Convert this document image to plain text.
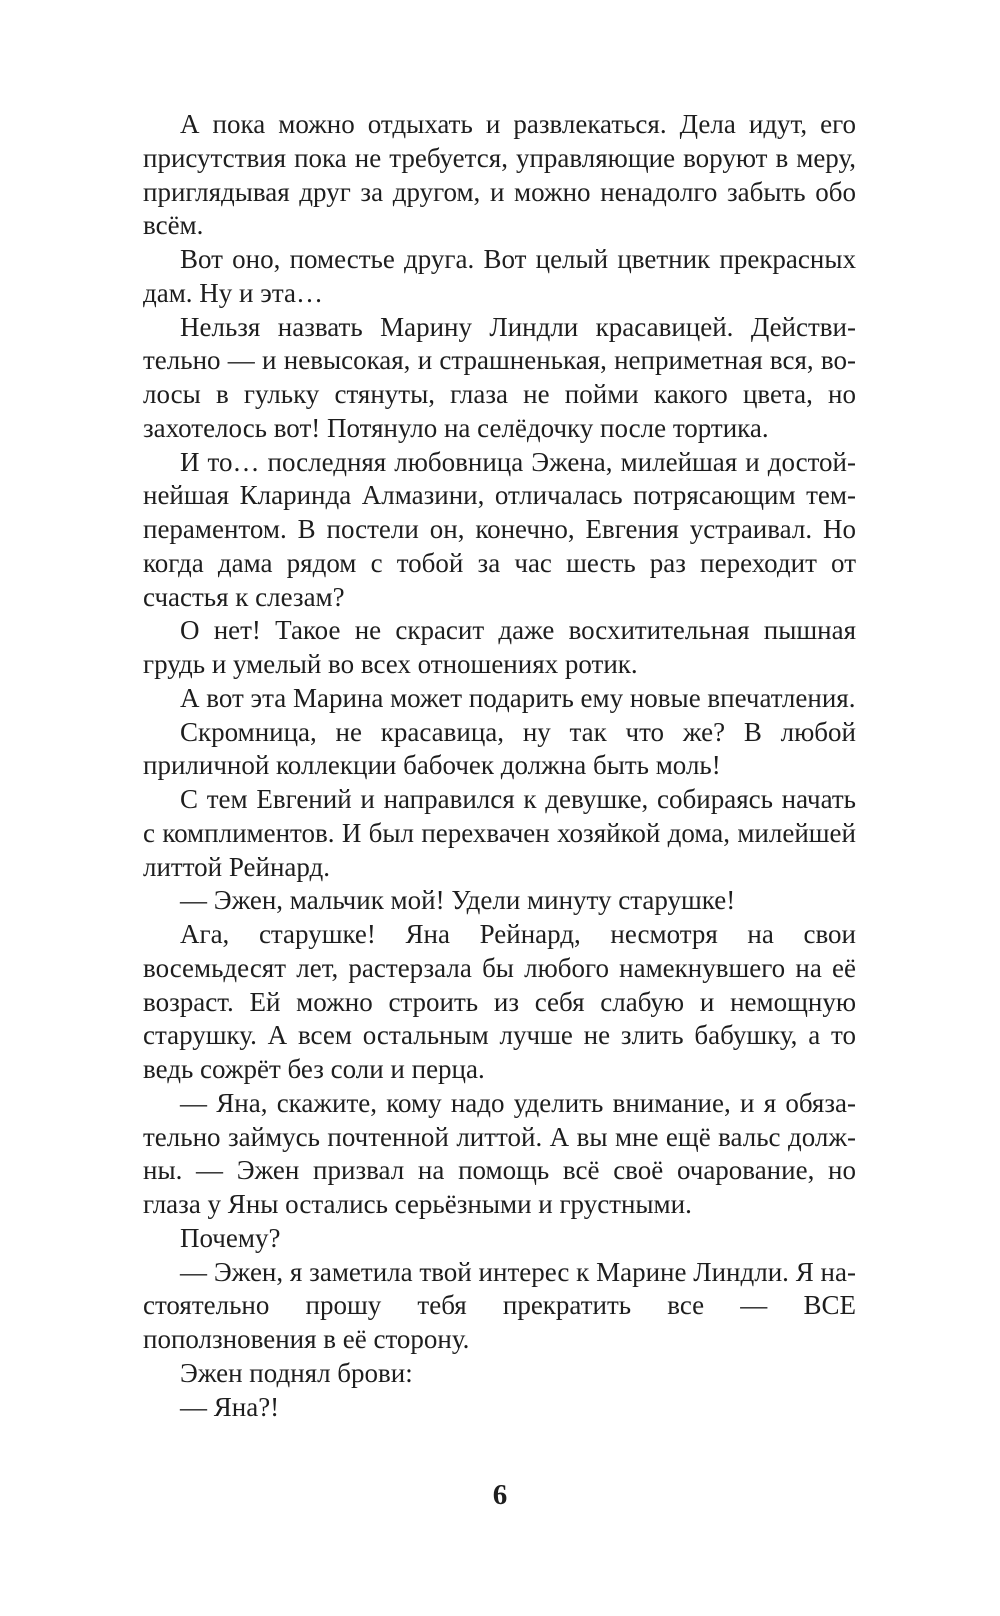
А пока можно отдыхать и развлекаться. Дела идут, его присутствия пока не требуется, управляющие воруют в меру, приглядывая друг за другом, и можно ненадолго забыть обо всём.

Вот оно, поместье друга. Вот целый цветник прекрасных дам. Ну и эта…

Нельзя назвать Марину Линдли красавицей. Действительно — и невысокая, и страшненькая, неприметная вся, волосы в гульку стянуты, глаза не пойми какого цвета, но захотелось вот! Потянуло на селёдочку после тортика.

И то… последняя любовница Эжена, милейшая и достойнейшая Кларинда Алмазини, отличалась потрясающим темпераментом. В постели он, конечно, Евгения устраивал. Но когда дама рядом с тобой за час шесть раз переходит от счастья к слезам?

О нет! Такое не скрасит даже восхитительная пышная грудь и умелый во всех отношениях ротик.

А вот эта Марина может подарить ему новые впечатления.

Скромница, не красавица, ну так что же? В любой приличной коллекции бабочек должна быть моль!

С тем Евгений и направился к девушке, собираясь начать с комплиментов. И был перехвачен хозяйкой дома, милейшей литтой Рейнард.

— Эжен, мальчик мой! Удели минуту старушке!

Ага, старушке! Яна Рейнард, несмотря на свои восемьдесят лет, растерзала бы любого намекнувшего на её возраст. Ей можно строить из себя слабую и немощную старушку. А всем остальным лучше не злить бабушку, а то ведь сожрёт без соли и перца.

— Яна, скажите, кому надо уделить внимание, и я обязательно займусь почтенной литтой. А вы мне ещё вальс должны. — Эжен призвал на помощь всё своё очарование, но глаза у Яны остались серьёзными и грустными.

Почему?

— Эжен, я заметила твой интерес к Марине Линдли. Я настоятельно прошу тебя прекратить все — ВСЕ поползновения в её сторону.

Эжен поднял брови:

— Яна?!

6
